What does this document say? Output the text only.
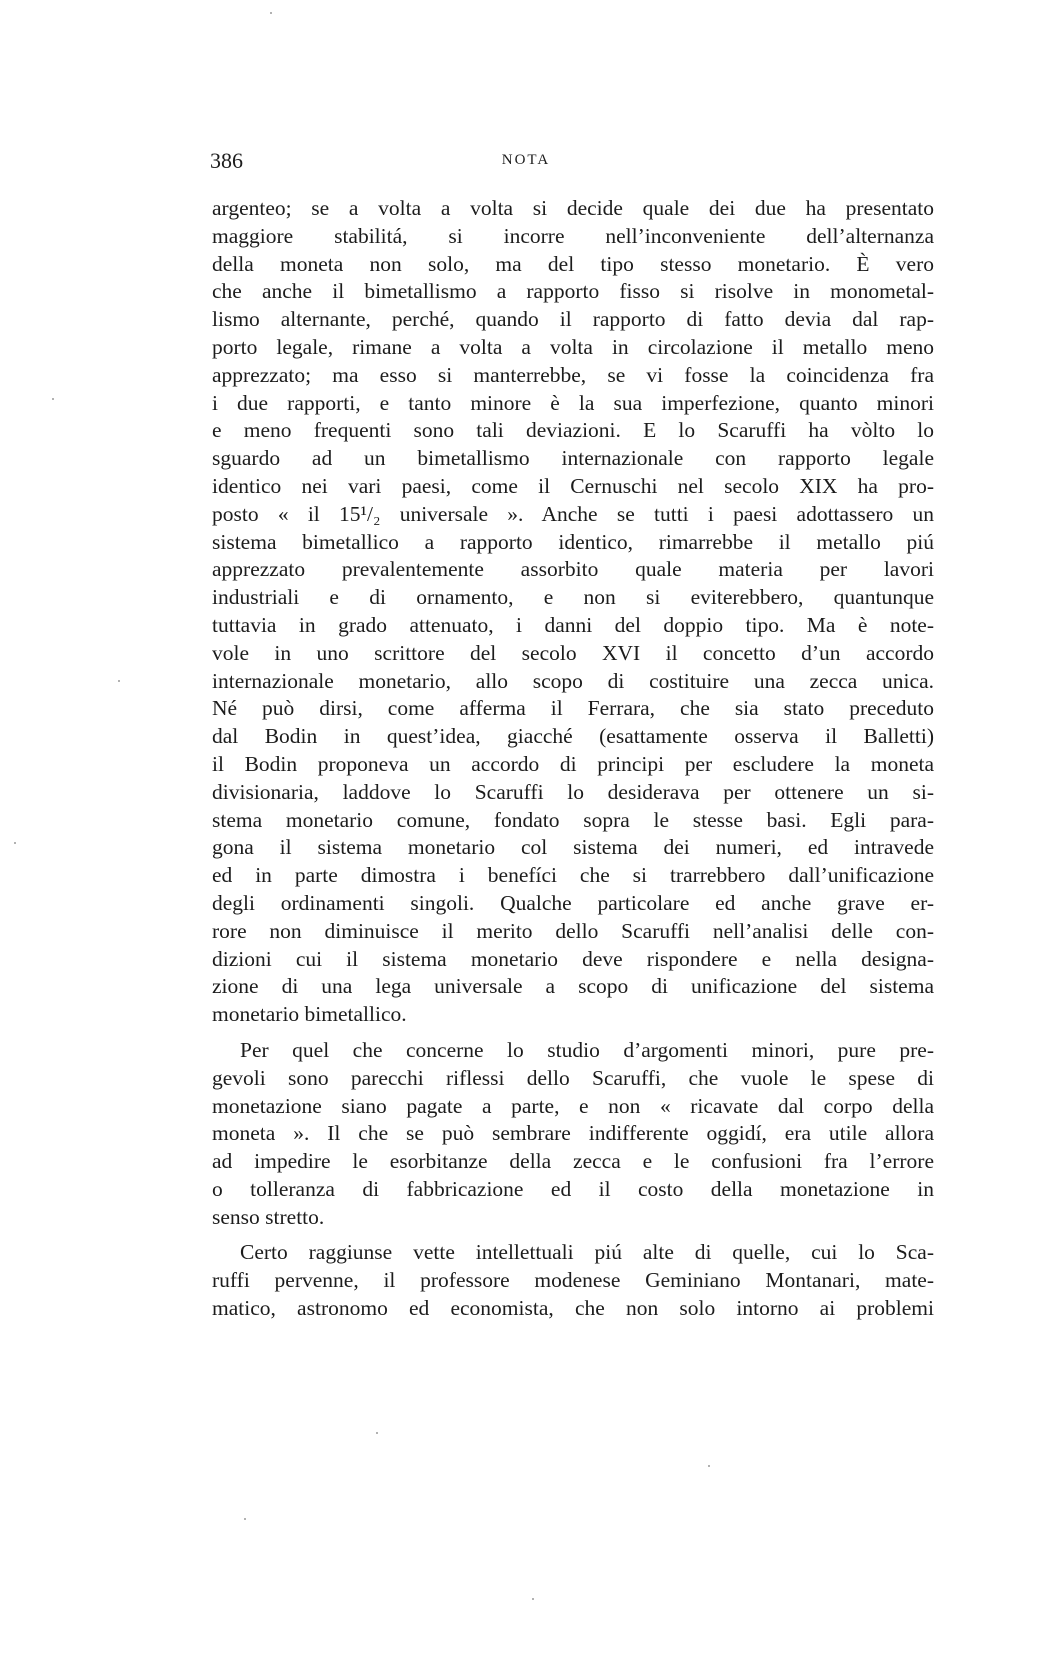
386	NOTA
argenteo; se a volta a volta si decide quale dei due ha presentato
maggiore stabilitá, si incorre nell’inconveniente dell’alternanza
della moneta non solo, ma del tipo stesso monetario. È vero
che anche il bimetallismo a rapporto fisso si risolve in monometal-
lismo alternante, perché, quando il rapporto di fatto devia dal rap-
porto legale, rimane a volta a volta in circolazione il metallo meno
apprezzato; ma esso si manterrebbe, se vi fosse la coincidenza fra
i due rapporti, e tanto minore è la sua imperfezione, quanto minori
e meno frequenti sono tali deviazioni. E lo Scaruffi ha vòlto lo
sguardo ad un bimetallismo internazionale con rapporto legale
identico nei vari paesi, come il Cernuschi nel secolo XIX ha pro-
posto « il 15¹/₂ universale ». Anche se tutti i paesi adottassero un
sistema bimetallico a rapporto identico, rimarrebbe il metallo piú
apprezzato prevalentemente assorbito quale materia per lavori
industriali e di ornamento, e non si eviterebbero, quantunque
tuttavia in grado attenuato, i danni del doppio tipo. Ma è note-
vole in uno scrittore del secolo XVI il concetto d’un accordo
internazionale monetario, allo scopo di costituire una zecca unica.
Né può dirsi, come afferma il Ferrara, che sia stato preceduto
dal Bodin in quest’idea, giacché (esattamente osserva il Balletti)
il Bodin proponeva un accordo di principi per escludere la moneta
divisionaria, laddove lo Scaruffi lo desiderava per ottenere un si-
stema monetario comune, fondato sopra le stesse basi. Egli para-
gona il sistema monetario col sistema dei numeri, ed intravede
ed in parte dimostra i benefíci che si trarrebbero dall’unificazione
degli ordinamenti singoli. Qualche particolare ed anche grave er-
rore non diminuisce il merito dello Scaruffi nell’analisi delle con-
dizioni cui il sistema monetario deve rispondere e nella designa-
zione di una lega universale a scopo di unificazione del sistema
monetario bimetallico.
Per quel che concerne lo studio d’argomenti minori, pure pre-
gevoli sono parecchi riflessi dello Scaruffi, che vuole le spese di
monetazione siano pagate a parte, e non « ricavate dal corpo della
moneta ». Il che se può sembrare indifferente oggidí, era utile allora
ad impedire le esorbitanze della zecca e le confusioni fra l’errore
o tolleranza di fabbricazione ed il costo della monetazione in
senso stretto.
Certo raggiunse vette intellettuali piú alte di quelle, cui lo Sca-
ruffi pervenne, il professore modenese Geminiano Montanari, mate-
matico, astronomo ed economista, che non solo intorno ai problemi
